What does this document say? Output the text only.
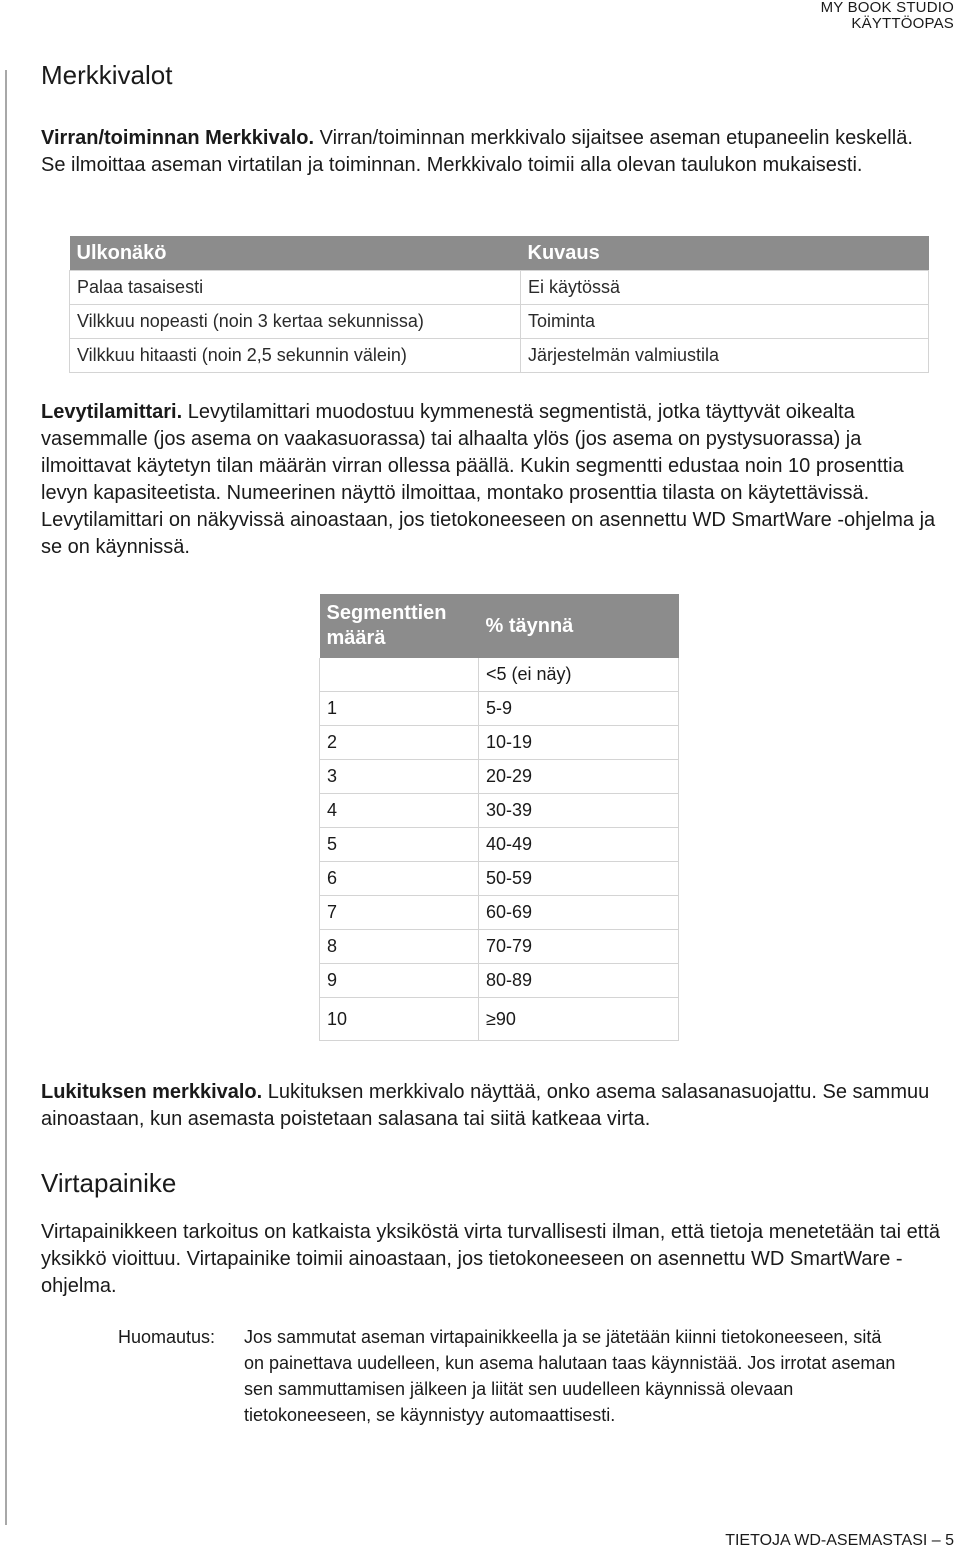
MY BOOK STUDIO
KÄYTTÖOPAS
Merkkivalot
Virran/toiminnan Merkkivalo. Virran/toiminnan merkkivalo sijaitsee aseman etupaneelin keskellä. Se ilmoittaa aseman virtatilan ja toiminnan. Merkkivalo toimii alla olevan taulukon mukaisesti.
Ulkonäkö	Kuvaus
Palaa tasaisesti	Ei käytössä
Vilkkuu nopeasti (noin 3 kertaa sekunnissa)	Toiminta
Vilkkuu hitaasti (noin 2,5 sekunnin välein)	Järjestelmän valmiustila
Levytilamittari. Levytilamittari muodostuu kymmenestä segmentistä, jotka täyttyvät oikealta vasemmalle (jos asema on vaakasuorassa) tai alhaalta ylös (jos asema on pystysuorassa) ja ilmoittavat käytetyn tilan määrän virran ollessa päällä. Kukin segmentti edustaa noin 10 prosenttia levyn kapasiteetista. Numeerinen näyttö ilmoittaa, montako prosenttia tilasta on käytettävissä. Levytilamittari on näkyvissä ainoastaan, jos tietokoneeseen on asennettu WD SmartWare -ohjelma ja se on käynnissä.
Segmenttien määrä	% täynnä
	<5 (ei näy)
1	5-9
2	10-19
3	20-29
4	30-39
5	40-49
6	50-59
7	60-69
8	70-79
9	80-89
10	≥90
Lukituksen merkkivalo. Lukituksen merkkivalo näyttää, onko asema salasanasuojattu. Se sammuu ainoastaan, kun asemasta poistetaan salasana tai siitä katkeaa virta.
Virtapainike
Virtapainikkeen tarkoitus on katkaista yksiköstä virta turvallisesti ilman, että tietoja menetetään tai että yksikkö vioittuu. Virtapainike toimii ainoastaan, jos tietokoneeseen on asennettu WD SmartWare -ohjelma.
Huomautus: Jos sammutat aseman virtapainikkeella ja se jätetään kiinni tietokoneeseen, sitä on painettava uudelleen, kun asema halutaan taas käynnistää. Jos irrotat aseman sen sammuttamisen jälkeen ja liität sen uudelleen käynnissä olevaan tietokoneeseen, se käynnistyy automaattisesti.
TIETOJA WD-ASEMASTASI – 5
